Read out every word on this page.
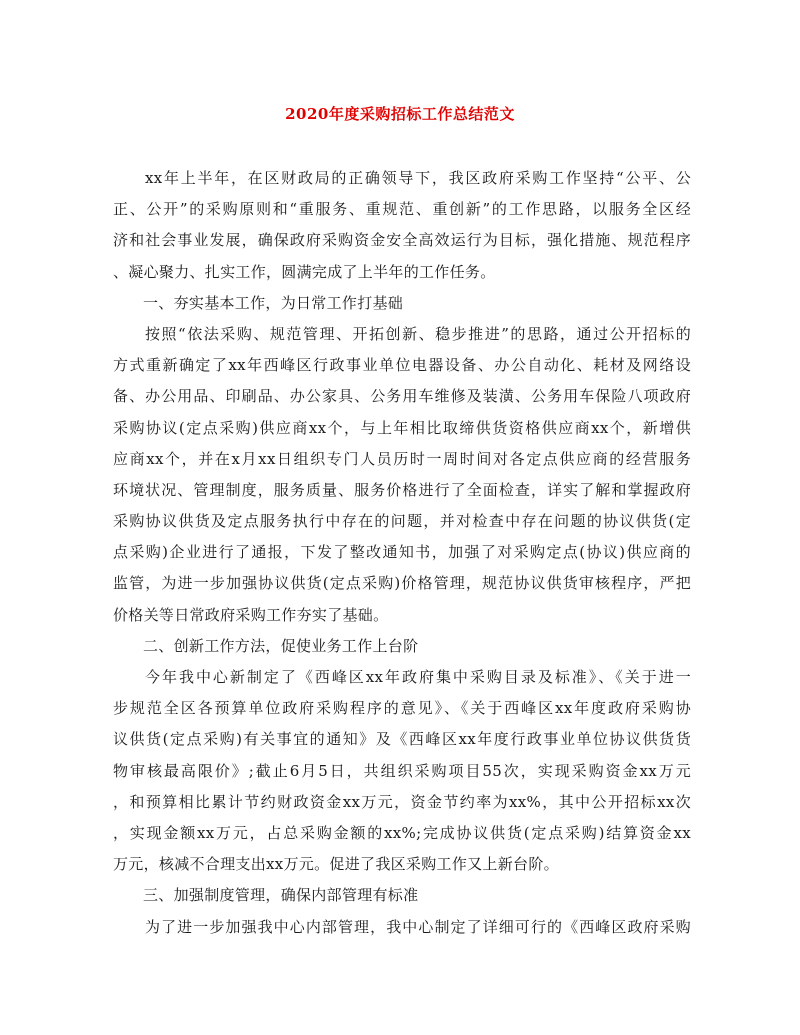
2020年度采购招标工作总结范文
xx年上半年，在区财政局的正确领导下，我区政府采购工作坚持“公平、公
正、公开”的采购原则和“重服务、重规范、重创新”的工作思路，以服务全区经
济和社会事业发展，确保政府采购资金安全高效运行为目标，强化措施、规范程序
、凝心聚力、扎实工作，圆满完成了上半年的工作任务。
一、夯实基本工作，为日常工作打基础
按照“依法采购、规范管理、开拓创新、稳步推进”的思路，通过公开招标的
方式重新确定了xx年西峰区行政事业单位电器设备、办公自动化、耗材及网络设
备、办公用品、印刷品、办公家具、公务用车维修及装潢、公务用车保险八项政府
采购协议(定点采购)供应商xx个，与上年相比取缔供货资格供应商xx个，新增供
应商xx个，并在x月xx日组织专门人员历时一周时间对各定点供应商的经营服务
环境状况、管理制度，服务质量、服务价格进行了全面检查，详实了解和掌握政府
采购协议供货及定点服务执行中存在的问题，并对检查中存在问题的协议供货(定
点采购)企业进行了通报，下发了整改通知书，加强了对采购定点(协议)供应商的
监管，为进一步加强协议供货(定点采购)价格管理，规范协议供货审核程序，严把
价格关等日常政府采购工作夯实了基础。
二、创新工作方法，促使业务工作上台阶
今年我中心新制定了《西峰区xx年政府集中采购目录及标准》、《关于进一
步规范全区各预算单位政府采购程序的意见》、《关于西峰区xx年度政府采购协
议供货(定点采购)有关事宜的通知》及《西峰区xx年度行政事业单位协议供货货
物审核最高限价》;截止6月5日，共组织采购项目55次，实现采购资金xx万元
，和预算相比累计节约财政资金xx万元，资金节约率为xx%，其中公开招标xx次
，实现金额xx万元，占总采购金额的xx%;完成协议供货(定点采购)结算资金xx
万元，核减不合理支出xx万元。促进了我区采购工作又上新台阶。
三、加强制度管理，确保内部管理有标准
为了进一步加强我中心内部管理，我中心制定了详细可行的《西峰区政府采购
